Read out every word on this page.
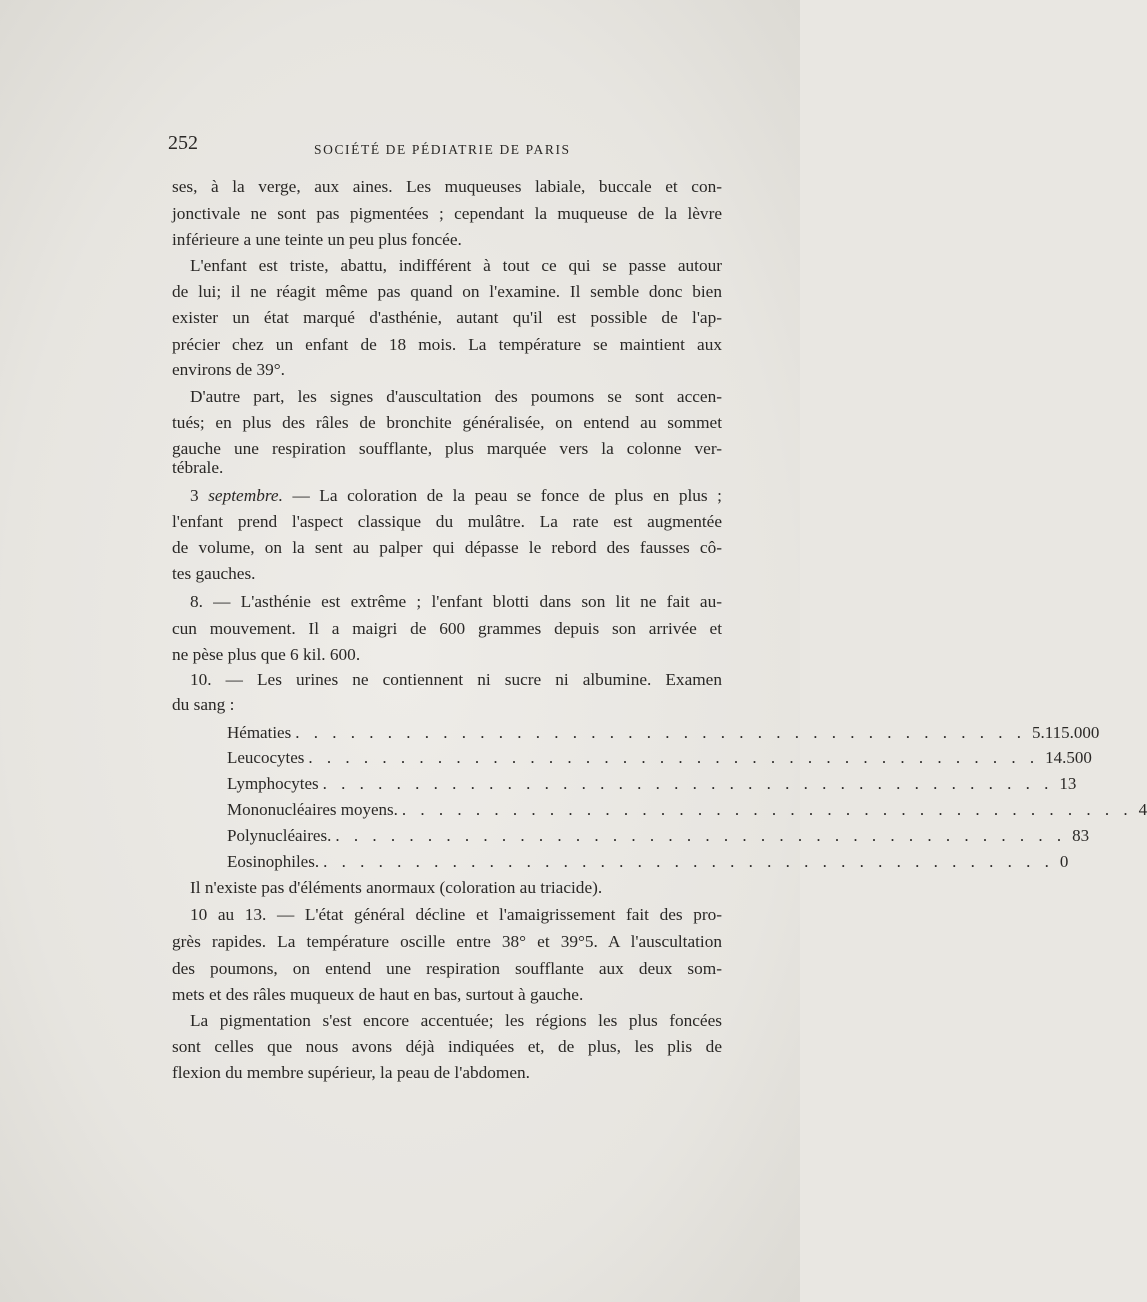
252	SOCIÉTÉ DE PÉDIATRIE DE PARIS
ses, à la verge, aux aines. Les muqueuses labiale, buccale et con-
jonctivale ne sont pas pigmentées ; cependant la muqueuse de la lèvre
inférieure a une teinte un peu plus foncée.
L'enfant est triste, abattu, indifférent à tout ce qui se passe autour
de lui; il ne réagit même pas quand on l'examine. Il semble donc bien
exister un état marqué d'asthénie, autant qu'il est possible de l'ap-
précier chez un enfant de 18 mois. La température se maintient aux
environs de 39°.
D'autre part, les signes d'auscultation des poumons se sont accen-
tués; en plus des râles de bronchite généralisée, on entend au sommet
gauche une respiration soufflante, plus marquée vers la colonne ver-
tébrale.
3 septembre. — La coloration de la peau se fonce de plus en plus ;
l'enfant prend l'aspect classique du mulâtre. La rate est augmentée
de volume, on la sent au palper qui dépasse le rebord des fausses cô-
tes gauches.
8. — L'asthénie est extrême ; l'enfant blotti dans son lit ne fait au-
cun mouvement. Il a maigri de 600 grammes depuis son arrivée et
ne pèse plus que 6 kil. 600.
10. — Les urines ne contiennent ni sucre ni albumine. Examen
du sang :
Hématies . . . . . . . . . . . . . . . . . . . . . . . . . . . . . . . . . . . . . . . . 5.115.000
Leucocytes . . . . . . . . . . . . . . . . . . . . . . . . . . . . . . . . . . . . . . . . 14.500
Lymphocytes . . . . . . . . . . . . . . . . . . . . . . . . . . . . . . . . . . . . . . . . 13
Mononucléaires moyens. . . . . . . . . . . . . . . . . . . . . . . . . . . . . . . . . . . . . . . . . 4
Polynucléaires. . . . . . . . . . . . . . . . . . . . . . . . . . . . . . . . . . . . . . . . . 83
Eosinophiles. . . . . . . . . . . . . . . . . . . . . . . . . . . . . . . . . . . . . . . . . 0
Il n'existe pas d'éléments anormaux (coloration au triacide).
10 au 13. — L'état général décline et l'amaigrissement fait des pro-
grès rapides. La température oscille entre 38° et 39°5. A l'auscultation
des poumons, on entend une respiration soufflante aux deux som-
mets et des râles muqueux de haut en bas, surtout à gauche.
La pigmentation s'est encore accentuée; les régions les plus foncées
sont celles que nous avons déjà indiquées et, de plus, les plis de
flexion du membre supérieur, la peau de l'abdomen.
